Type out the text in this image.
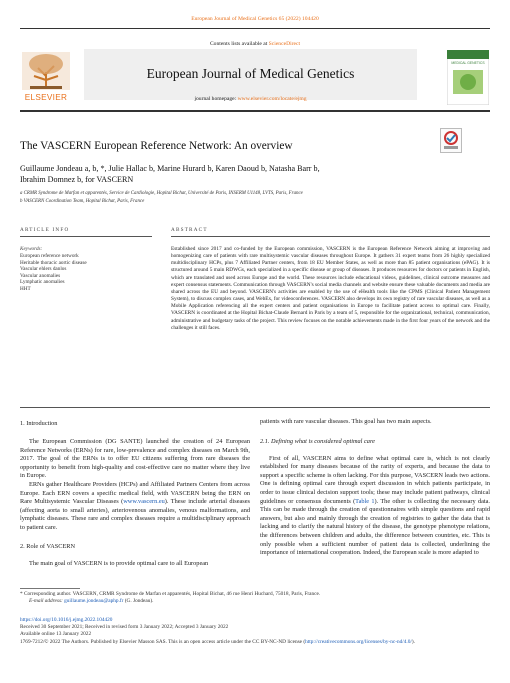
European Journal of Medical Genetics 65 (2022) 104420
ELSEVIER
Contents lists available at ScienceDirect
European Journal of Medical Genetics
journal homepage: www.elsevier.com/locate/ejmg
MEDICAL GENETICS
The VASCERN European Reference Network: An overview
Guillaume Jondeau a, b, *, Julie Hallac b, Marine Hurard b, Karen Daoud b, Natasha Barr b,
Ibrahim Domnez b, for VASCERN
a CRMR Syndrome de Marfan et apparentés, Service de Cardiologie, Hopital Bichat, Université de Paris, INSERM U1148, LVTS, Paris, France
b VASCERN Coordination Team, Hopital Bichat, Paris, France
ARTICLE INFO	ABSTRACT
Keywords:
European reference network
Heritable thoracic aortic disease
Vascular ehlers danlos
Vascular anomalies
Lymphatic anomalies
HHT
Established since 2017 and co-funded by the European commission, VASCERN is the European Reference Network aiming at improving and homogenizing care of patients with rare multisystemic vascular diseases throughout Europe. It gathers 31 expert teams from 26 highly specialized multidisciplinary HCPs, plus 7 Affiliated Partner centers, from 18 EU Member States, as well as more than 85 patient organisations (ePAG). It is structured around 5 main RDWGs, each specialized in a specific disease or group of diseases. It produces resources for doctors or patients in English, which are translated and used across Europe and the world. These resources include educational videos, guidelines, clinical outcome measures and expert consensus statements. Communication through VASCERN's social media channels and website ensure these valuable documents and media are shared across the EU and beyond. VASCERN's activities are enabled by the use of eHealth tools like the CPMS (Clinical Patient Management System), to discuss complex cases, and WebEx, for videoconferences. VASCERN also develops its own registry of rare vascular diseases, as well as a Mobile Application referencing all the expert centers and patient organisations in Europe to facilitate patient access to optimal care. Finally, VASCERN is coordinated at the Hopital Bichat-Claude Bernard in Paris by a team of 5, responsible for the organizational, technical, communication, administrative and budgetary tasks of the project. This review focuses on the notable achievements made in the first four years of the network and the challenges it still faces.
1. Introduction

The European Commission (DG SANTE) launched the creation of 24 European Reference Networks (ERNs) for rare, low-prevalence and complex diseases on March 9th, 2017. The goal of the ERNs is to offer EU citizens suffering from rare diseases the opportunity to benefit from high-quality and cost-effective care no matter where they live in Europe.

ERNs gather Healthcare Providers (HCPs) and Affiliated Partners Centers from across Europe. Each ERN covers a specific medical field, with VASCERN being the ERN on Rare Multisystemic Vascular Diseases (www.vascern.eu). These include arterial diseases (affecting aorta to small arteries), arteriovenous anomalies, venous malformations, and lymphatic diseases. These rare and complex diseases require a multidisciplinary approach to patient care.

2. Role of VASCERN

The main goal of VASCERN is to provide optimal care to all European

patients with rare vascular diseases. This goal has two main aspects.
2.1. Defining what is considered optimal care

First of all, VASCERN aims to define what optimal care is, which is not clearly established for many diseases because of the rarity of experts, and because the data to support a specific scheme is often lacking. For this purpose, VASCERN leads two actions. One is defining optimal care through expert discussion in which patients participate, in order to issue clinical decision support tools; these may include patient pathways, clinical guidelines or consensus documents (Table 1). The other is collecting the necessary data. This can be made through the creation of questionnaires with simple questions and rapid answers, but also and mainly through the creation of registries to gather the data that is lacking and to clarify the natural history of the disease, the genotype phenotype relations, the differences between children and adults, the difference between countries, etc. This is only possible when a sufficient number of patient data is collected, underlining the importance of international cooperation. Indeed, the European scale is more adapted to

* Corresponding author. VASCERN, CRMR Syndrome de Marfan et apparentés, Hopital Bichat, 46 rue Henri Huchard, 75018, Paris, France.
E-mail address: guillaume.jondeau@aphp.fr (G. Jondeau).
https://doi.org/10.1016/j.ejmg.2022.104420
Received 30 September 2021; Received in revised form 3 January 2022; Accepted 3 January 2022
Available online 13 January 2022
1769-7212/© 2022 The Authors. Published by Elsevier Masson SAS. This is an open access article under the CC BY-NC-ND license (http://creativecommons.org/licenses/by-nc-nd/4.0/).
